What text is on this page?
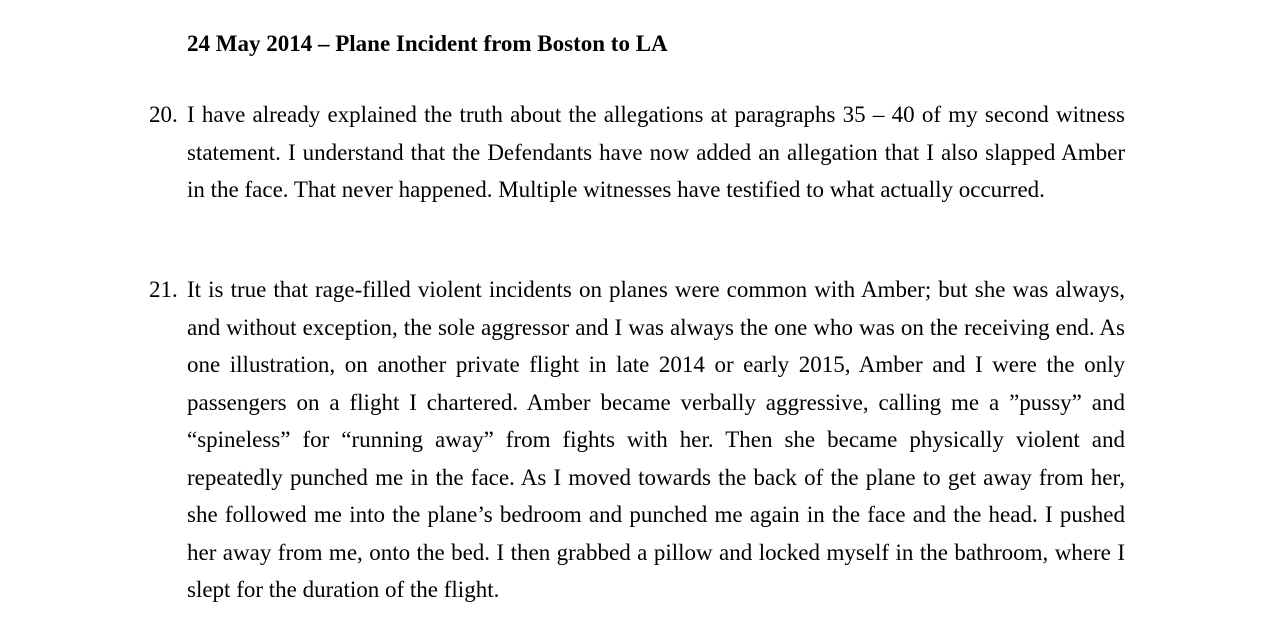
24 May 2014 – Plane Incident from Boston to LA
20. I have already explained the truth about the allegations at paragraphs 35 – 40 of my second witness statement. I understand that the Defendants have now added an allegation that I also slapped Amber in the face. That never happened. Multiple witnesses have testified to what actually occurred.
21. It is true that rage-filled violent incidents on planes were common with Amber; but she was always, and without exception, the sole aggressor and I was always the one who was on the receiving end. As one illustration, on another private flight in late 2014 or early 2015, Amber and I were the only passengers on a flight I chartered. Amber became verbally aggressive, calling me a ”pussy” and “spineless” for “running away” from fights with her. Then she became physically violent and repeatedly punched me in the face. As I moved towards the back of the plane to get away from her, she followed me into the plane’s bedroom and punched me again in the face and the head. I pushed her away from me, onto the bed. I then grabbed a pillow and locked myself in the bathroom, where I slept for the duration of the flight.
